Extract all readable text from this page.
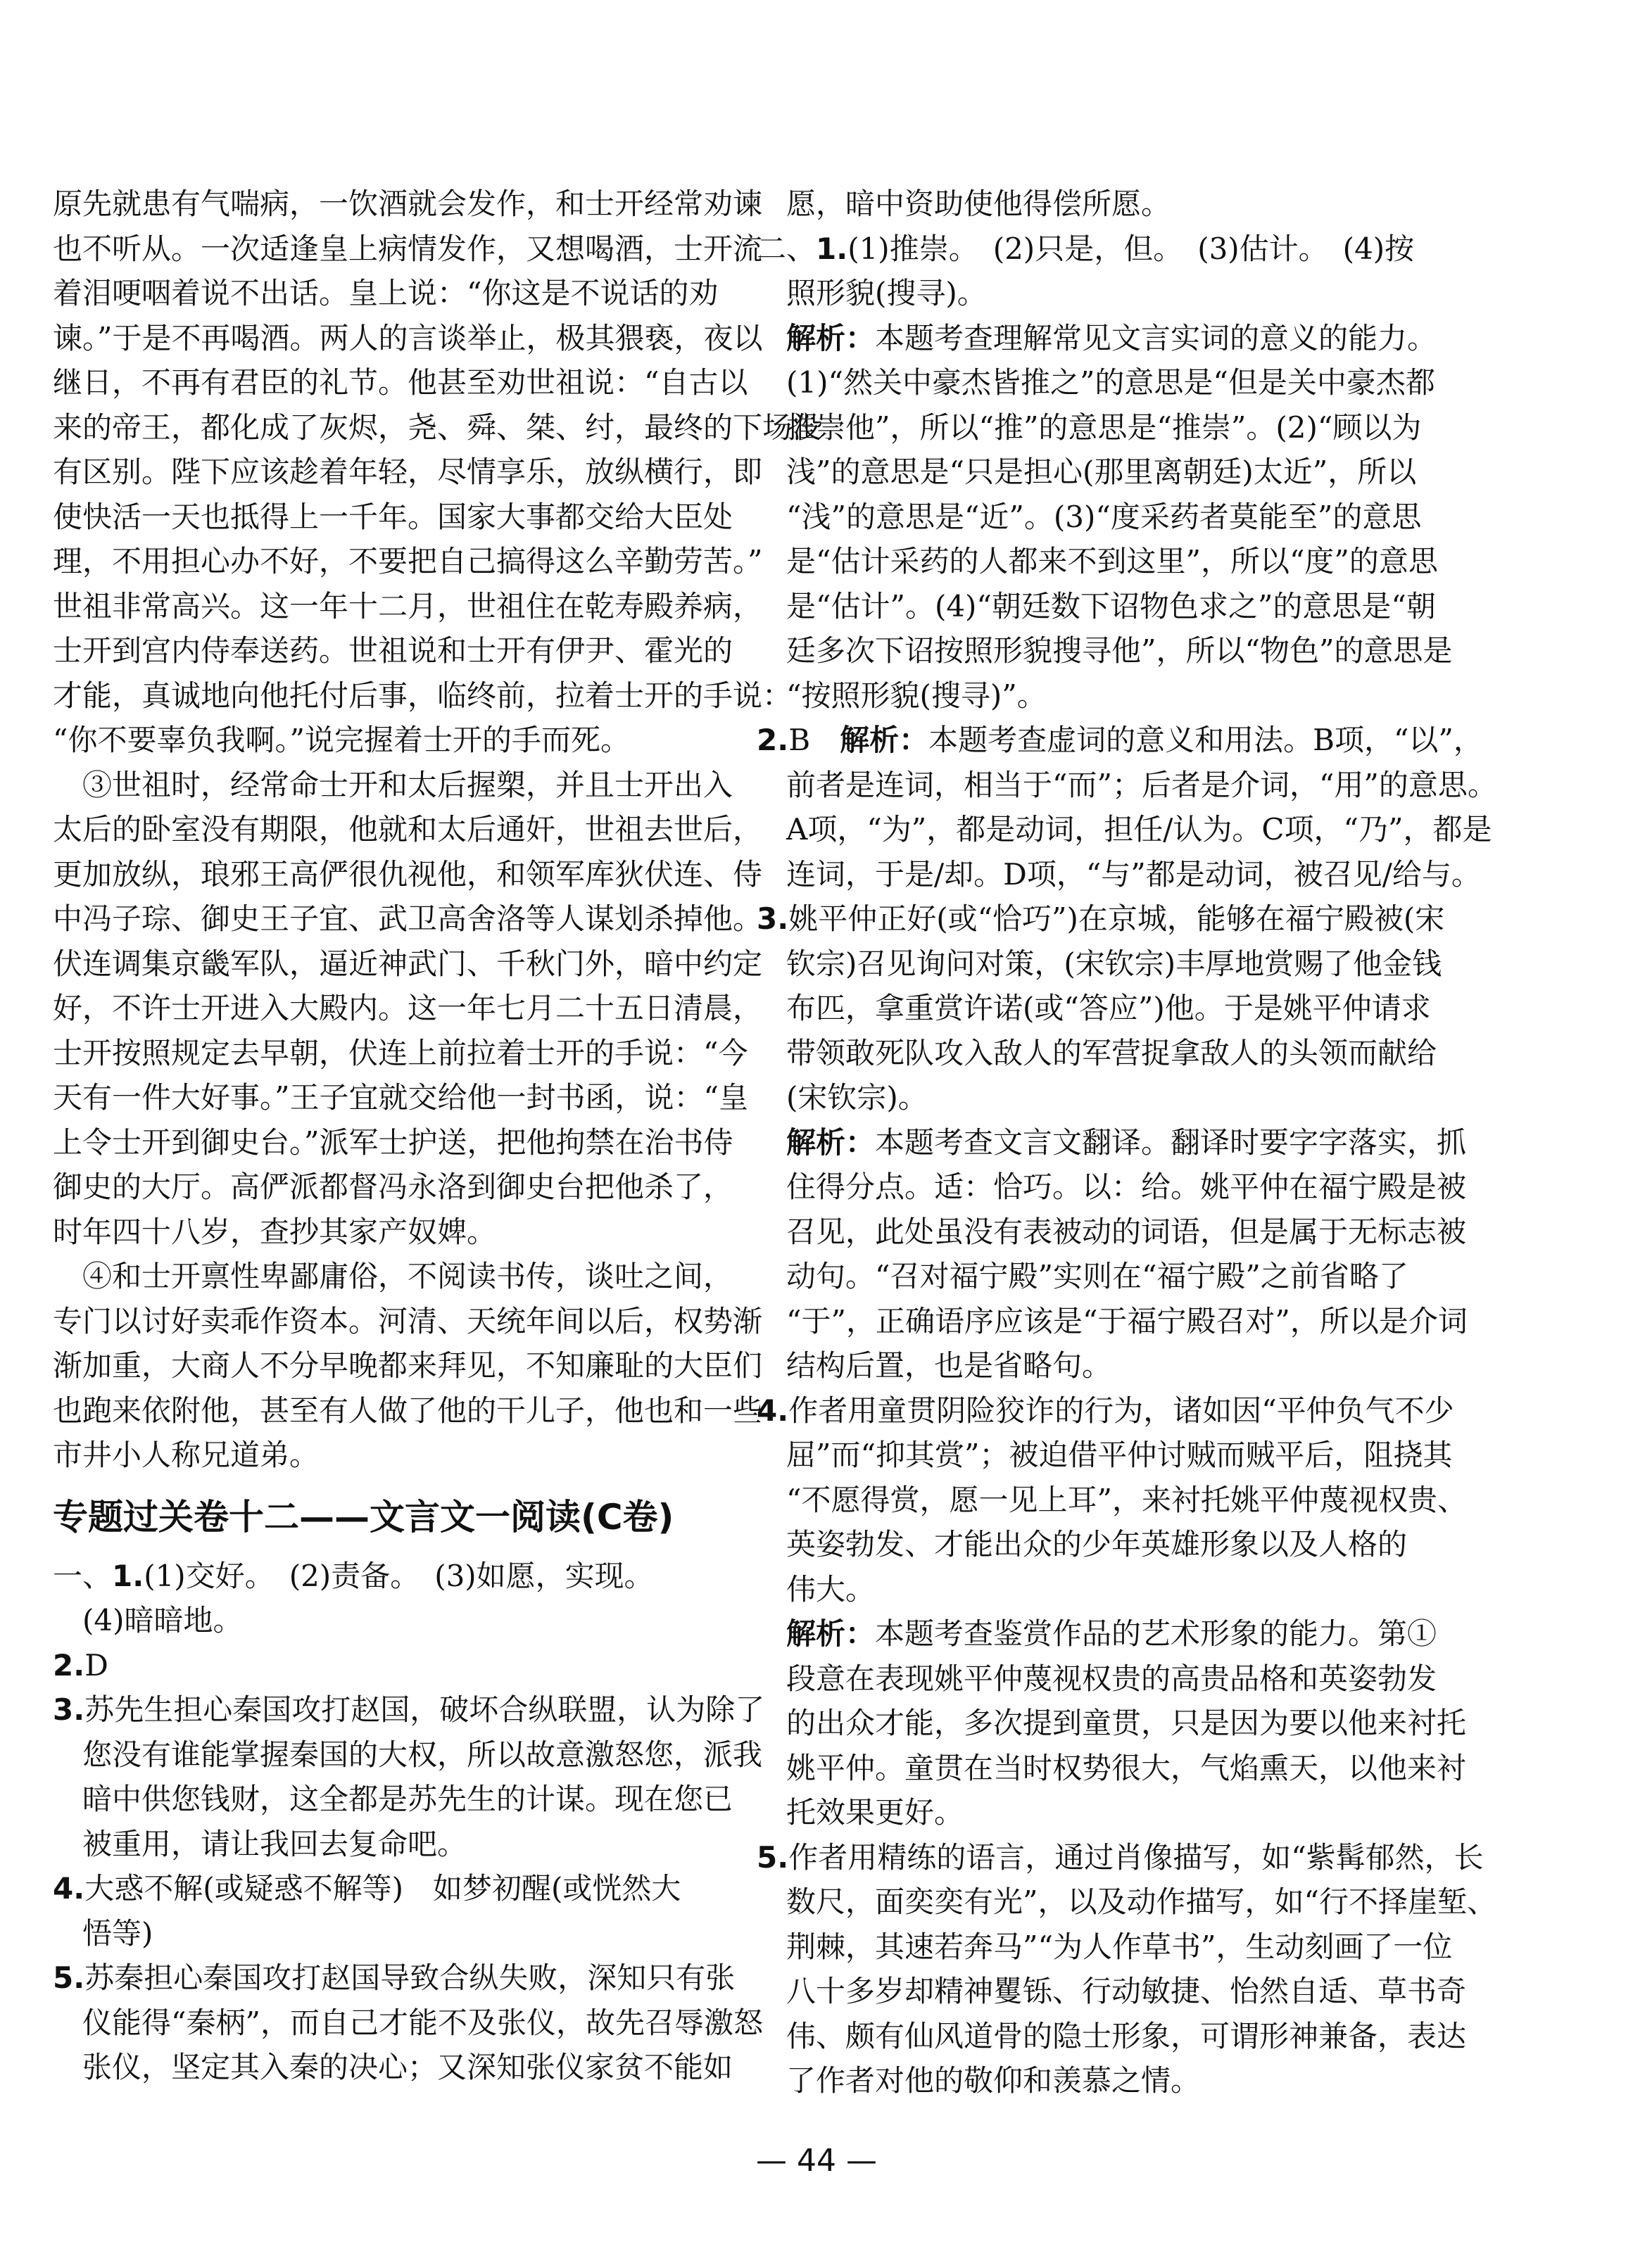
原先就患有气喘病，一饮酒就会发作，和士开经常劝谏
也不听从。一次适逢皇上病情发作，又想喝酒，士开流
着泪哽咽着说不出话。皇上说：“你这是不说话的劝
谏。”于是不再喝酒。两人的言谈举止，极其猥亵，夜以
继日，不再有君臣的礼节。他甚至劝世祖说：“自古以
来的帝王，都化成了灰烬，尧、舜、桀、纣，最终的下场没
有区别。陛下应该趁着年轻，尽情享乐，放纵横行，即
使快活一天也抵得上一千年。国家大事都交给大臣处
理，不用担心办不好，不要把自己搞得这么辛勤劳苦。”
世祖非常高兴。这一年十二月，世祖住在乾寿殿养病，
士开到宫内侍奉送药。世祖说和士开有伊尹、霍光的
才能，真诚地向他托付后事，临终前，拉着士开的手说：
“你不要辜负我啊。”说完握着士开的手而死。
③世祖时，经常命士开和太后握槊，并且士开出入
太后的卧室没有期限，他就和太后通奸，世祖去世后，
更加放纵，琅邪王高俨很仇视他，和领军库狄伏连、侍
中冯子琮、御史王子宜、武卫高舍洛等人谋划杀掉他。
伏连调集京畿军队，逼近神武门、千秋门外，暗中约定
好，不许士开进入大殿内。这一年七月二十五日清晨，
士开按照规定去早朝，伏连上前拉着士开的手说：“今
天有一件大好事。”王子宜就交给他一封书函，说：“皇
上令士开到御史台。”派军士护送，把他拘禁在治书侍
御史的大厅。高俨派都督冯永洛到御史台把他杀了，
时年四十八岁，查抄其家产奴婢。
④和士开禀性卑鄙庸俗，不阅读书传，谈吐之间，
专门以讨好卖乖作资本。河清、天统年间以后，权势渐
渐加重，大商人不分早晚都来拜见，不知廉耻的大臣们
也跑来依附他，甚至有人做了他的干儿子，他也和一些
市井小人称兄道弟。
专题过关卷十二——文言文一阅读(C卷)
一、1.(1)交好。　(2)责备。　(3)如愿，实现。
(4)暗暗地。
2.D
3.苏先生担心秦国攻打赵国，破坏合纵联盟，认为除了
您没有谁能掌握秦国的大权，所以故意激怒您，派我
暗中供您钱财，这全都是苏先生的计谋。现在您已
被重用，请让我回去复命吧。
4.大惑不解(或疑惑不解等)　如梦初醒(或恍然大
悟等)
5.苏秦担心秦国攻打赵国导致合纵失败，深知只有张
仪能得“秦柄”，而自己才能不及张仪，故先召辱激怒
张仪，坚定其入秦的决心；又深知张仪家贫不能如
愿，暗中资助使他得偿所愿。
二、1.(1)推崇。　(2)只是，但。　(3)估计。　(4)按
照形貌(搜寻)。
解析：本题考查理解常见文言实词的意义的能力。
(1)“然关中豪杰皆推之”的意思是“但是关中豪杰都
推崇他”，所以“推”的意思是“推崇”。(2)“顾以为
浅”的意思是“只是担心(那里离朝廷)太近”，所以
“浅”的意思是“近”。(3)“度采药者莫能至”的意思
是“估计采药的人都来不到这里”，所以“度”的意思
是“估计”。(4)“朝廷数下诏物色求之”的意思是“朝
廷多次下诏按照形貌搜寻他”，所以“物色”的意思是
“按照形貌(搜寻)”。
2.B　解析：本题考查虚词的意义和用法。B项，“以”，
前者是连词，相当于“而”；后者是介词，“用”的意思。
A项，“为”，都是动词，担任/认为。C项，“乃”，都是
连词，于是/却。D项，“与”都是动词，被召见/给与。
3.姚平仲正好(或“恰巧”)在京城，能够在福宁殿被(宋
钦宗)召见询问对策，(宋钦宗)丰厚地赏赐了他金钱
布匹，拿重赏许诺(或“答应”)他。于是姚平仲请求
带领敢死队攻入敌人的军营捉拿敌人的头领而献给
(宋钦宗)。
解析：本题考查文言文翻译。翻译时要字字落实，抓
住得分点。适：恰巧。以：给。姚平仲在福宁殿是被
召见，此处虽没有表被动的词语，但是属于无标志被
动句。“召对福宁殿”实则在“福宁殿”之前省略了
“于”，正确语序应该是“于福宁殿召对”，所以是介词
结构后置，也是省略句。
4.作者用童贯阴险狡诈的行为，诸如因“平仲负气不少
屈”而“抑其赏”；被迫借平仲讨贼而贼平后，阻挠其
“不愿得赏，愿一见上耳”，来衬托姚平仲蔑视权贵、
英姿勃发、才能出众的少年英雄形象以及人格的
伟大。
解析：本题考查鉴赏作品的艺术形象的能力。第①
段意在表现姚平仲蔑视权贵的高贵品格和英姿勃发
的出众才能，多次提到童贯，只是因为要以他来衬托
姚平仲。童贯在当时权势很大，气焰熏天，以他来衬
托效果更好。
5.作者用精练的语言，通过肖像描写，如“紫髯郁然，长
数尺，面奕奕有光”，以及动作描写，如“行不择崖堑、
荆棘，其速若奔马”“为人作草书”，生动刻画了一位
八十多岁却精神矍铄、行动敏捷、怡然自适、草书奇
伟、颇有仙风道骨的隐士形象，可谓形神兼备，表达
了作者对他的敬仰和羡慕之情。
— 44 —
